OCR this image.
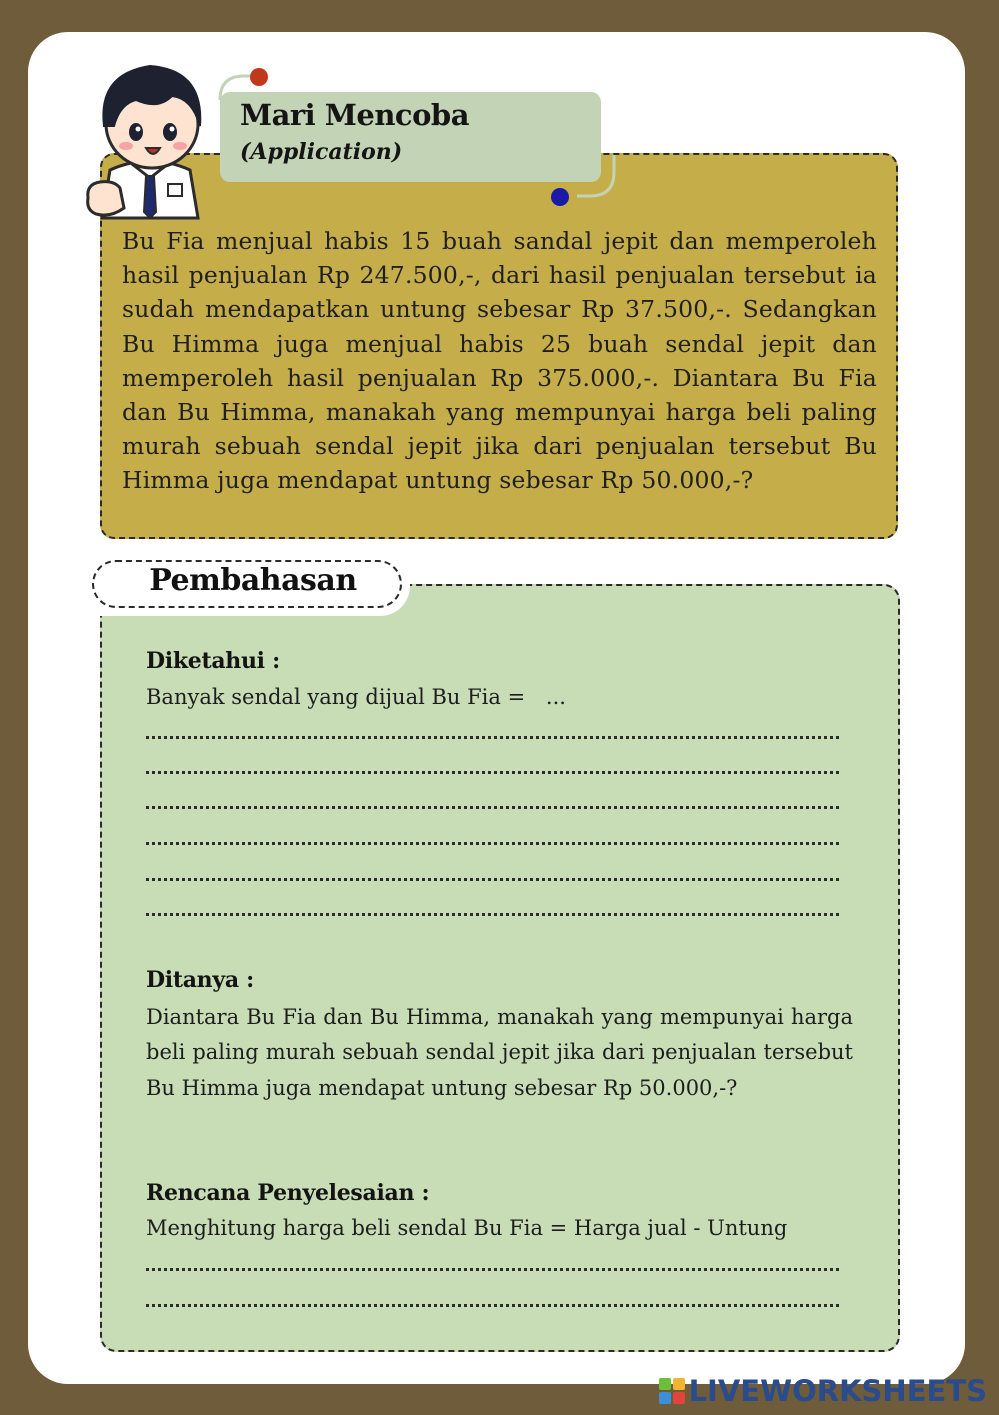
Bu Fia menjual habis 15 buah sandal jepit dan memperoleh hasil penjualan Rp 247.500,-, dari hasil penjualan tersebut ia sudah mendapatkan untung sebesar Rp 37.500,-. Sedangkan Bu Himma juga menjual habis 25 buah sendal jepit dan memperoleh hasil penjualan Rp 375.000,-. Diantara Bu Fia dan Bu Himma, manakah yang mempunyai harga beli paling murah sebuah sendal jepit jika dari penjualan tersebut Bu Himma juga mendapat untung sebesar Rp 50.000,-?

Mari Mencoba
(Application)
Pembahasan
Diketahui :
Banyak sendal yang dijual Bu Fia = ...
Ditanya :

Diantara Bu Fia dan Bu Himma, manakah yang mempunyai harga beli paling murah sebuah sendal jepit jika dari penjualan tersebut Bu Himma juga mendapat untung sebesar Rp 50.000,-?

Rencana Penyelesaian :
Menghitung harga beli sendal Bu Fia = Harga jual - Untung
LIVEWORKSHEETS
